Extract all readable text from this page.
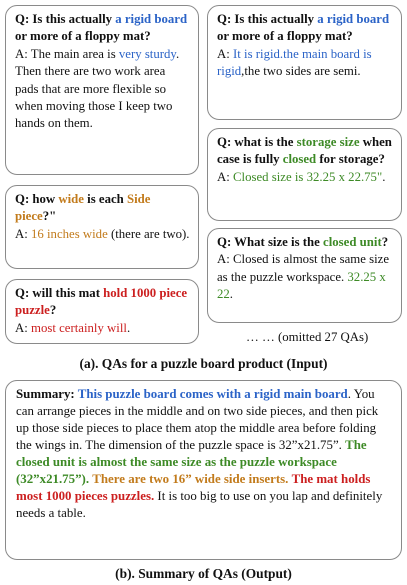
Q: Is this actually a rigid board or more of a floppy mat?
A: The main area is very sturdy. Then there are two work area pads that are more flexible so when moving those I keep two hands on them.
Q: how wide is each Side piece?"
A: 16 inches wide (there are two).
Q: will this mat hold 1000 piece puzzle?
A: most certainly will.
Q: Is this actually a rigid board or more of a floppy mat?
A: It is rigid.the main board is rigid,the two sides are semi.
Q: what is the storage size when case is fully closed for storage?
A: Closed size is 32.25 x 22.75".
Q: What size is the closed unit?
A: Closed is almost the same size as the puzzle workspace. 32.25 x 22.
… … (omitted 27 QAs)
(a). QAs for a puzzle board product (Input)
Summary: This puzzle board comes with a rigid main board. You can arrange pieces in the middle and on two side pieces, and then pick up those side pieces to place them atop the middle area before folding the wings in. The dimension of the puzzle space is 32”x21.75”. The closed unit is almost the same size as the puzzle workspace (32”x21.75”). There are two 16” wide side inserts. The mat holds most 1000 pieces puzzles. It is too big to use on you lap and definitely needs a table.
(b). Summary of QAs (Output)
